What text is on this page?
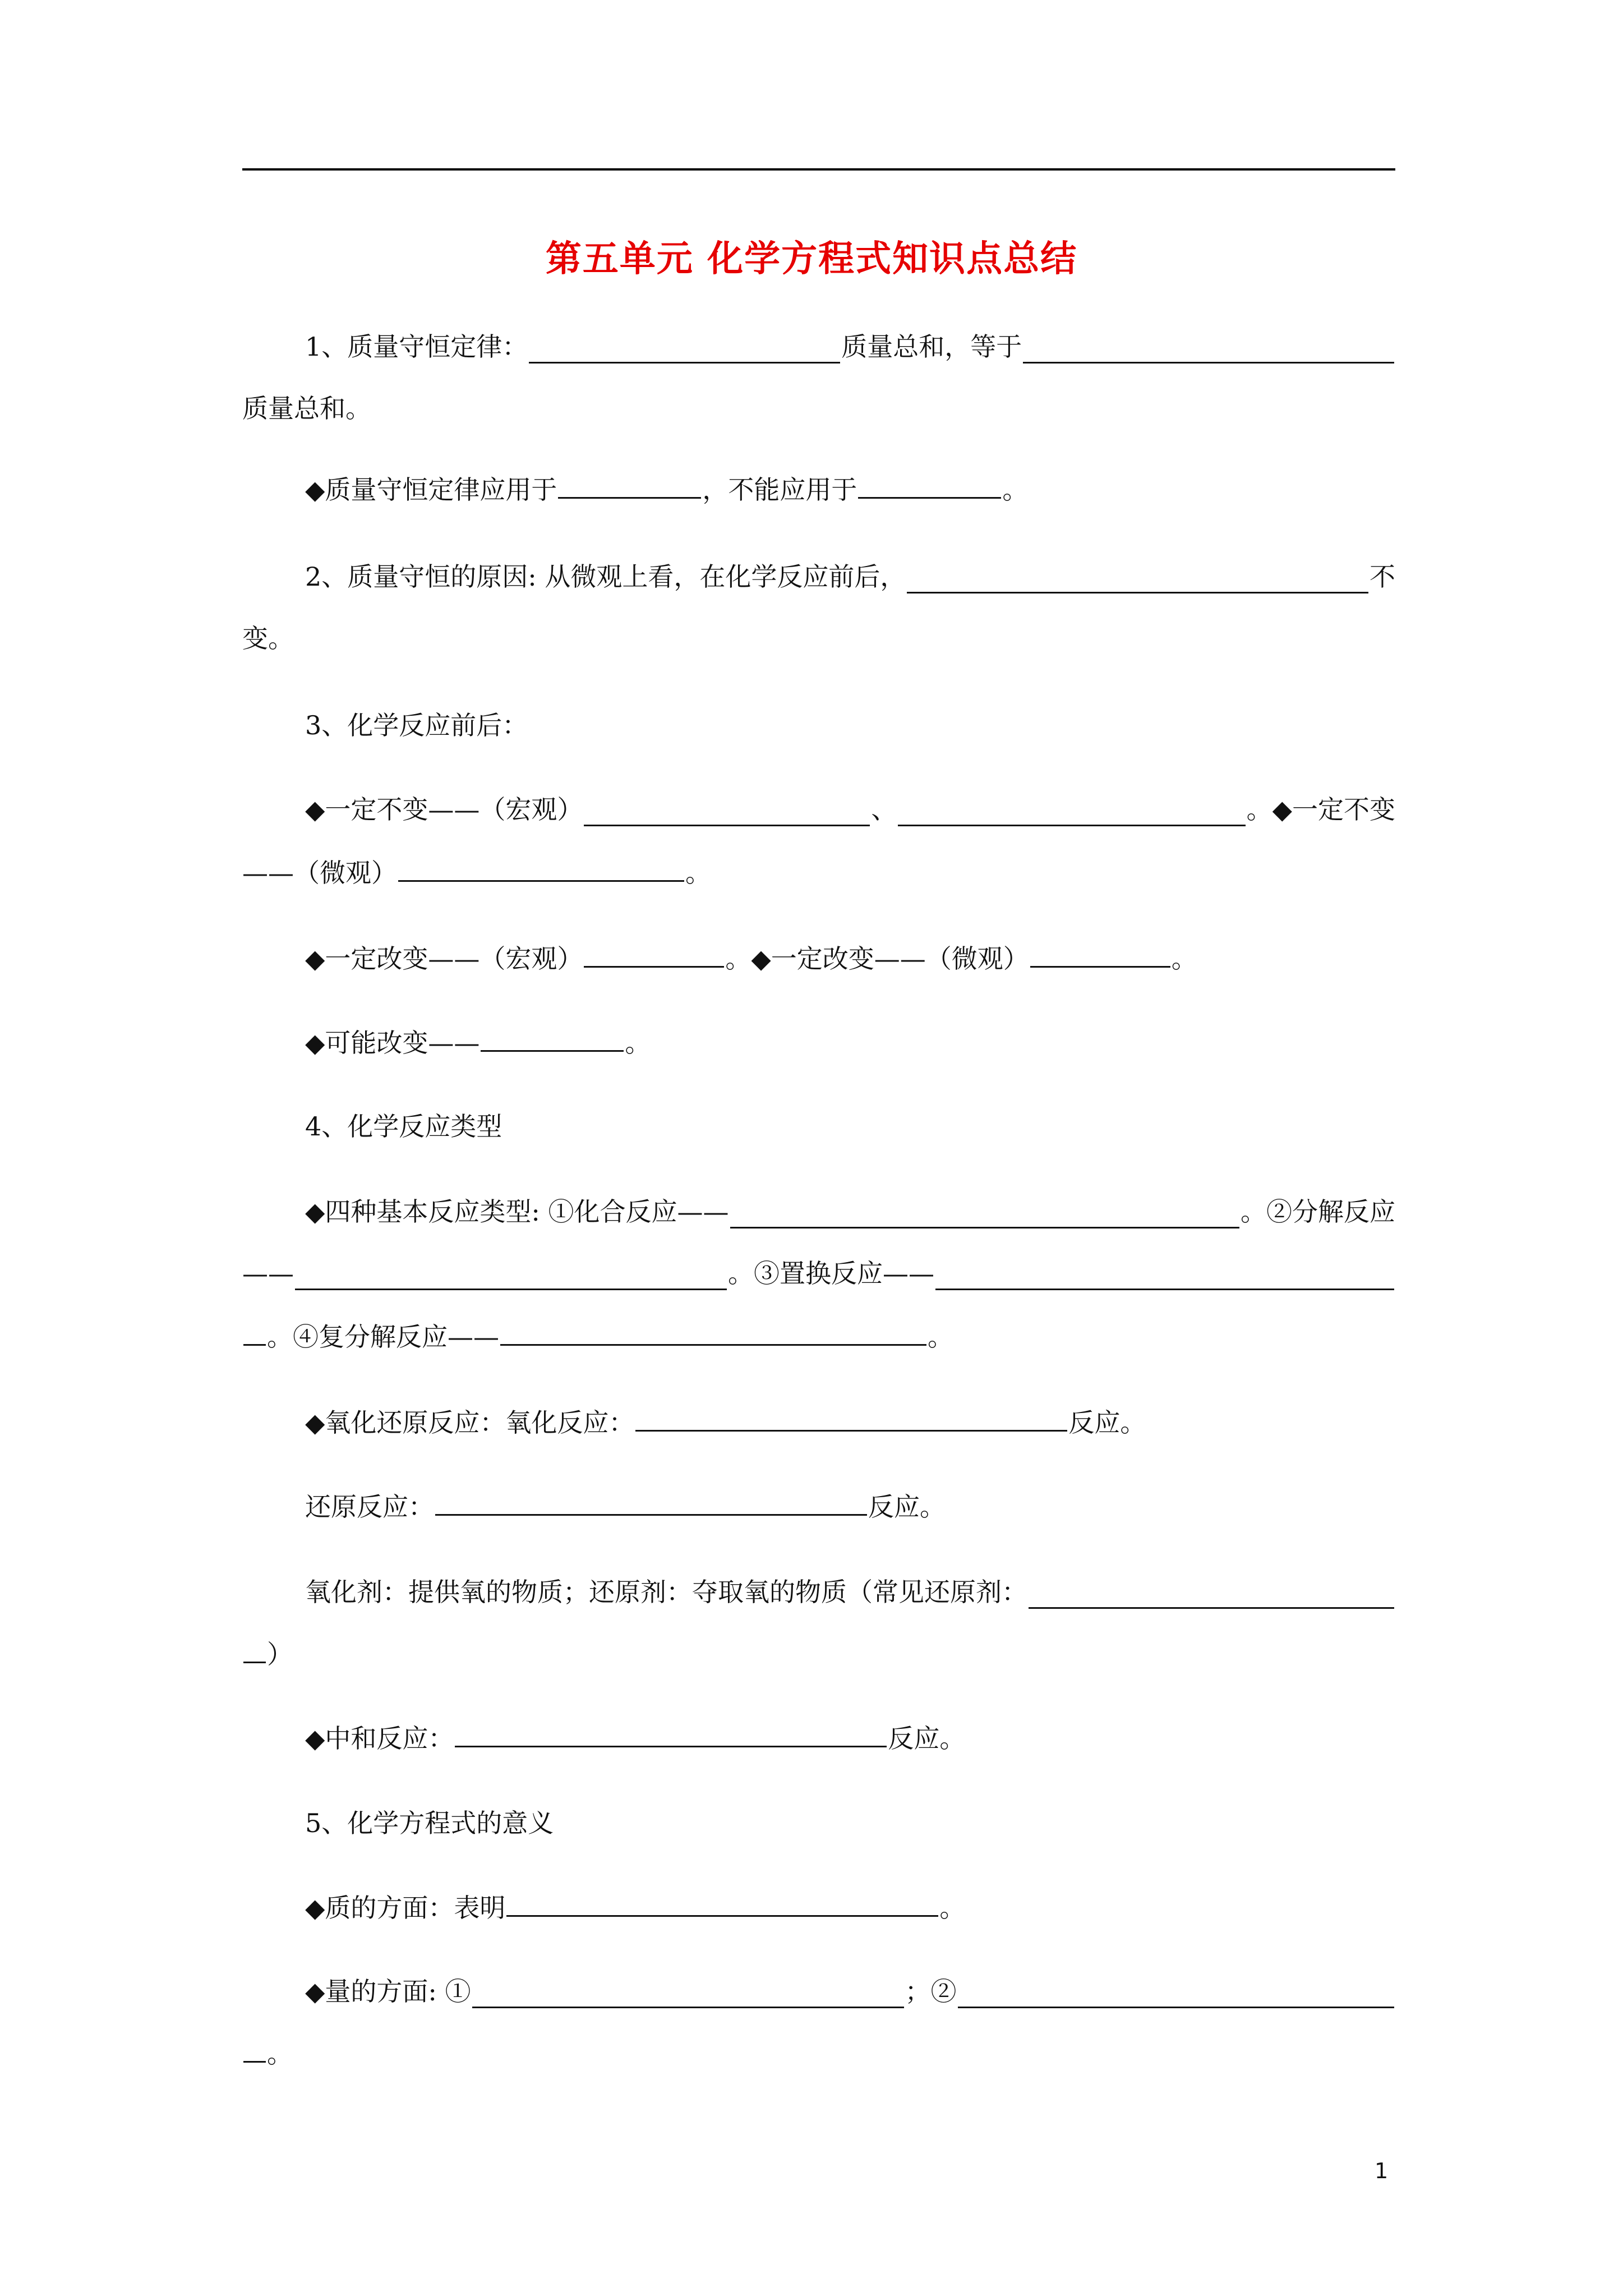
第五单元 化学方程式知识点总结
1、质量守恒定律：	质量总和，等于
质量总和。
◆质量守恒定律应用于	，不能应用于	。
2、质量守恒的原因: 从微观上看，在化学反应前后，	不
变。
3、化学反应前后：
◆一定不变——（宏观）	、	。◆一定不变
——（微观）	。
◆一定改变——（宏观）	。◆一定改变——（微观）	。
◆可能改变——	。
4、化学反应类型
◆四种基本反应类型: ①化合反应——	。②分解反应
——	。③置换反应——
。④复分解反应——	。
◆氧化还原反应：氧化反应：	反应。
还原反应：	反应。
氧化剂：提供氧的物质；还原剂：夺取氧的物质（常见还原剂：
）
◆中和反应：	反应。
5、化学方程式的意义
◆质的方面：表明	。
◆量的方面: ①	；②
。
1
